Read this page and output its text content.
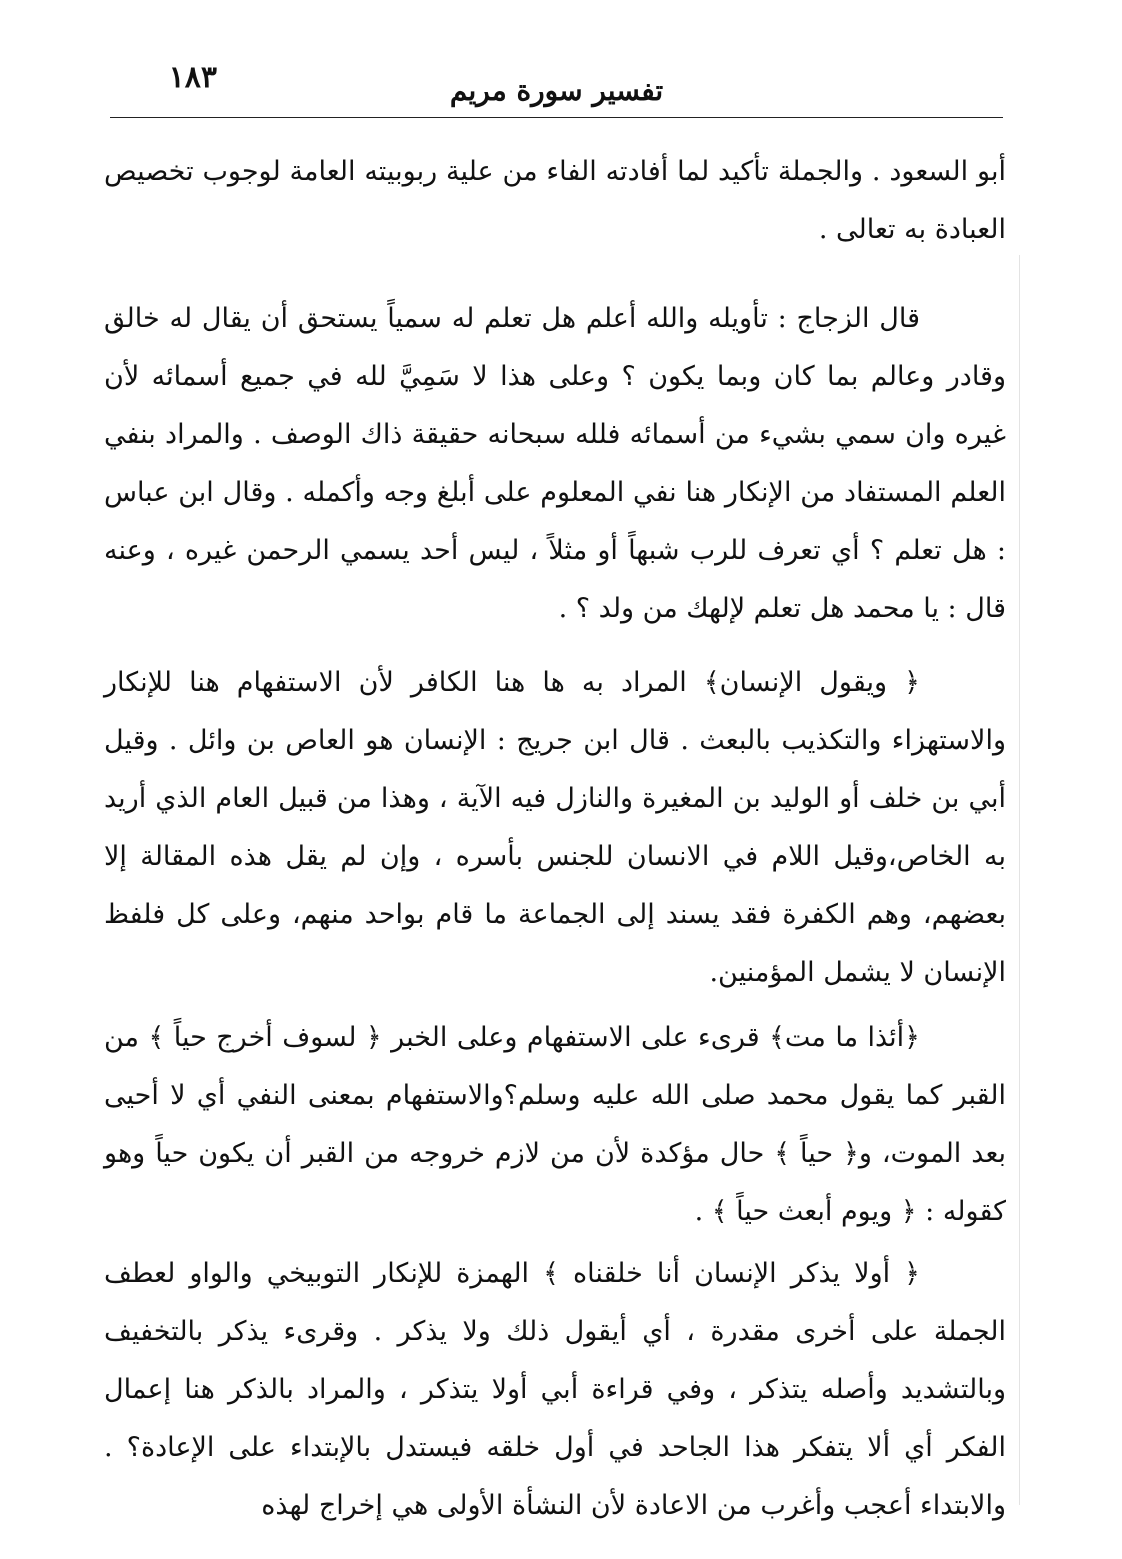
١٨٣	تفسير سورة مريم

أبو السعود . والجملة تأكيد لما أفادته الفاء من علية ربوبيته العامة لوجوب تخصيص العبادة به تعالى .

قال الزجاج : تأويله والله أعلم هل تعلم له سمياً يستحق أن يقال له خالق وقادر وعالم بما كان وبما يكون ؟ وعلى هذا لا سَمِيَّ لله في جميع أسمائه لأن غيره وان سمي بشيء من أسمائه فلله سبحانه حقيقة ذاك الوصف . والمراد بنفي العلم المستفاد من الإنكار هنا نفي المعلوم على أبلغ وجه وأكمله . وقال ابن عباس : هل تعلم ؟ أي تعرف للرب شبهاً أو مثلاً ، ليس أحد يسمي الرحمن غيره ، وعنه قال : يا محمد هل تعلم لإلهك من ولد ؟ .

﴿ ويقول الإنسان﴾ المراد به ها هنا الكافر لأن الاستفهام هنا للإنكار والاستهزاء والتكذيب بالبعث . قال ابن جريج : الإنسان هو العاص بن وائل . وقيل أبي بن خلف أو الوليد بن المغيرة والنازل فيه الآية ، وهذا من قبيل العام الذي أريد به الخاص،وقيل اللام في الانسان للجنس بأسره ، وإن لم يقل هذه المقالة إلا بعضهم، وهم الكفرة فقد يسند إلى الجماعة ما قام بواحد منهم، وعلى كل فلفظ الإنسان لا يشمل المؤمنين.

﴿أئذا ما مت﴾ قرىء على الاستفهام وعلى الخبر ﴿ لسوف أخرج حياً ﴾ من القبر كما يقول محمد صلى الله عليه وسلم؟والاستفهام بمعنى النفي أي لا أحيى بعد الموت، و﴿ حياً ﴾ حال مؤكدة لأن من لازم خروجه من القبر أن يكون حياً وهو كقوله : ﴿ ويوم أبعث حياً ﴾ .

﴿ أولا يذكر الإنسان أنا خلقناه ﴾ الهمزة للإنكار التوبيخي والواو لعطف الجملة على أخرى مقدرة ، أي أيقول ذلك ولا يذكر . وقرىء يذكر بالتخفيف وبالتشديد وأصله يتذكر ، وفي قراءة أبي أولا يتذكر ، والمراد بالذكر هنا إعمال الفكر أي ألا يتفكر هذا الجاحد في أول خلقه فيستدل بالإبتداء على الإعادة؟ . والابتداء أعجب وأغرب من الاعادة لأن النشأة الأولى هي إخراج لهذه
